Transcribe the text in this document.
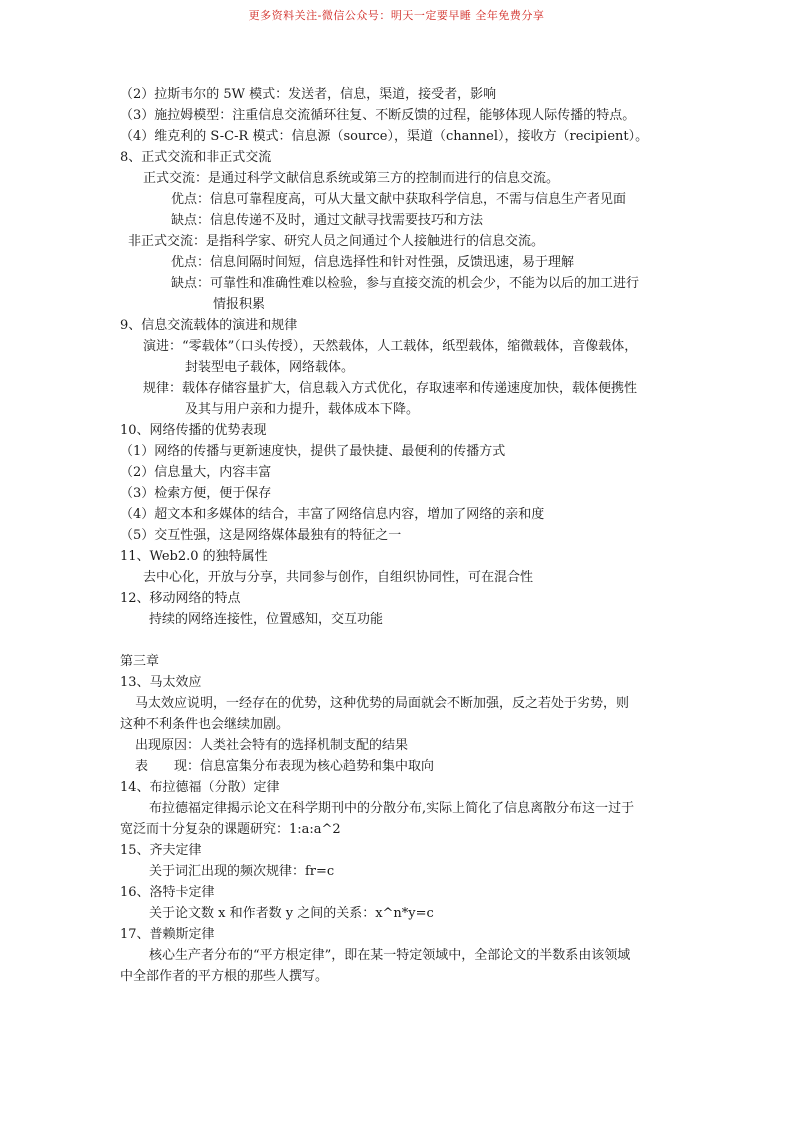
更多资料关注-微信公众号：明天一定要早睡 全年免费分享
（2）拉斯韦尔的 5W 模式：发送者，信息，渠道，接受者，影响
（3）施拉姆模型：注重信息交流循环往复、不断反馈的过程，能够体现人际传播的特点。
（4）维克利的 S-C-R 模式：信息源（source），渠道（channel），接收方（recipient）。
8、正式交流和非正式交流
正式交流：是通过科学文献信息系统或第三方的控制而进行的信息交流。
优点：信息可靠程度高，可从大量文献中获取科学信息，不需与信息生产者见面
缺点：信息传递不及时，通过文献寻找需要技巧和方法
非正式交流：是指科学家、研究人员之间通过个人接触进行的信息交流。
优点：信息间隔时间短，信息选择性和针对性强，反馈迅速，易于理解
缺点：可靠性和准确性难以检验，参与直接交流的机会少，不能为以后的加工进行
情报积累
9、信息交流载体的演进和规律
演进：“零载体”（口头传授），天然载体，人工载体，纸型载体，缩微载体，音像载体，
封装型电子载体，网络载体。
规律：载体存储容量扩大，信息载入方式优化，存取速率和传递速度加快，载体便携性
及其与用户亲和力提升，载体成本下降。
10、网络传播的优势表现
（1）网络的传播与更新速度快，提供了最快捷、最便利的传播方式
（2）信息量大，内容丰富
（3）检索方便，便于保存
（4）超文本和多媒体的结合，丰富了网络信息内容，增加了网络的亲和度
（5）交互性强，这是网络媒体最独有的特征之一
11、Web2.0 的独特属性
去中心化，开放与分享，共同参与创作，自组织协同性，可在混合性
12、移动网络的特点
持续的网络连接性，位置感知，交互功能
第三章
13、马太效应
马太效应说明，一经存在的优势，这种优势的局面就会不断加强，反之若处于劣势，则
这种不利条件也会继续加剧。
出现原因：人类社会特有的选择机制支配的结果
表　　现：信息富集分布表现为核心趋势和集中取向
14、布拉德福（分散）定律
布拉德福定律揭示论文在科学期刊中的分散分布,实际上简化了信息离散分布这一过于
宽泛而十分复杂的课题研究：1:a:a^2
15、齐夫定律
关于词汇出现的频次规律：fr=c
16、洛特卡定律
关于论文数 x 和作者数 y 之间的关系：x^n*y=c
17、普赖斯定律
核心生产者分布的“平方根定律”，即在某一特定领域中，全部论文的半数系由该领域
中全部作者的平方根的那些人撰写。
